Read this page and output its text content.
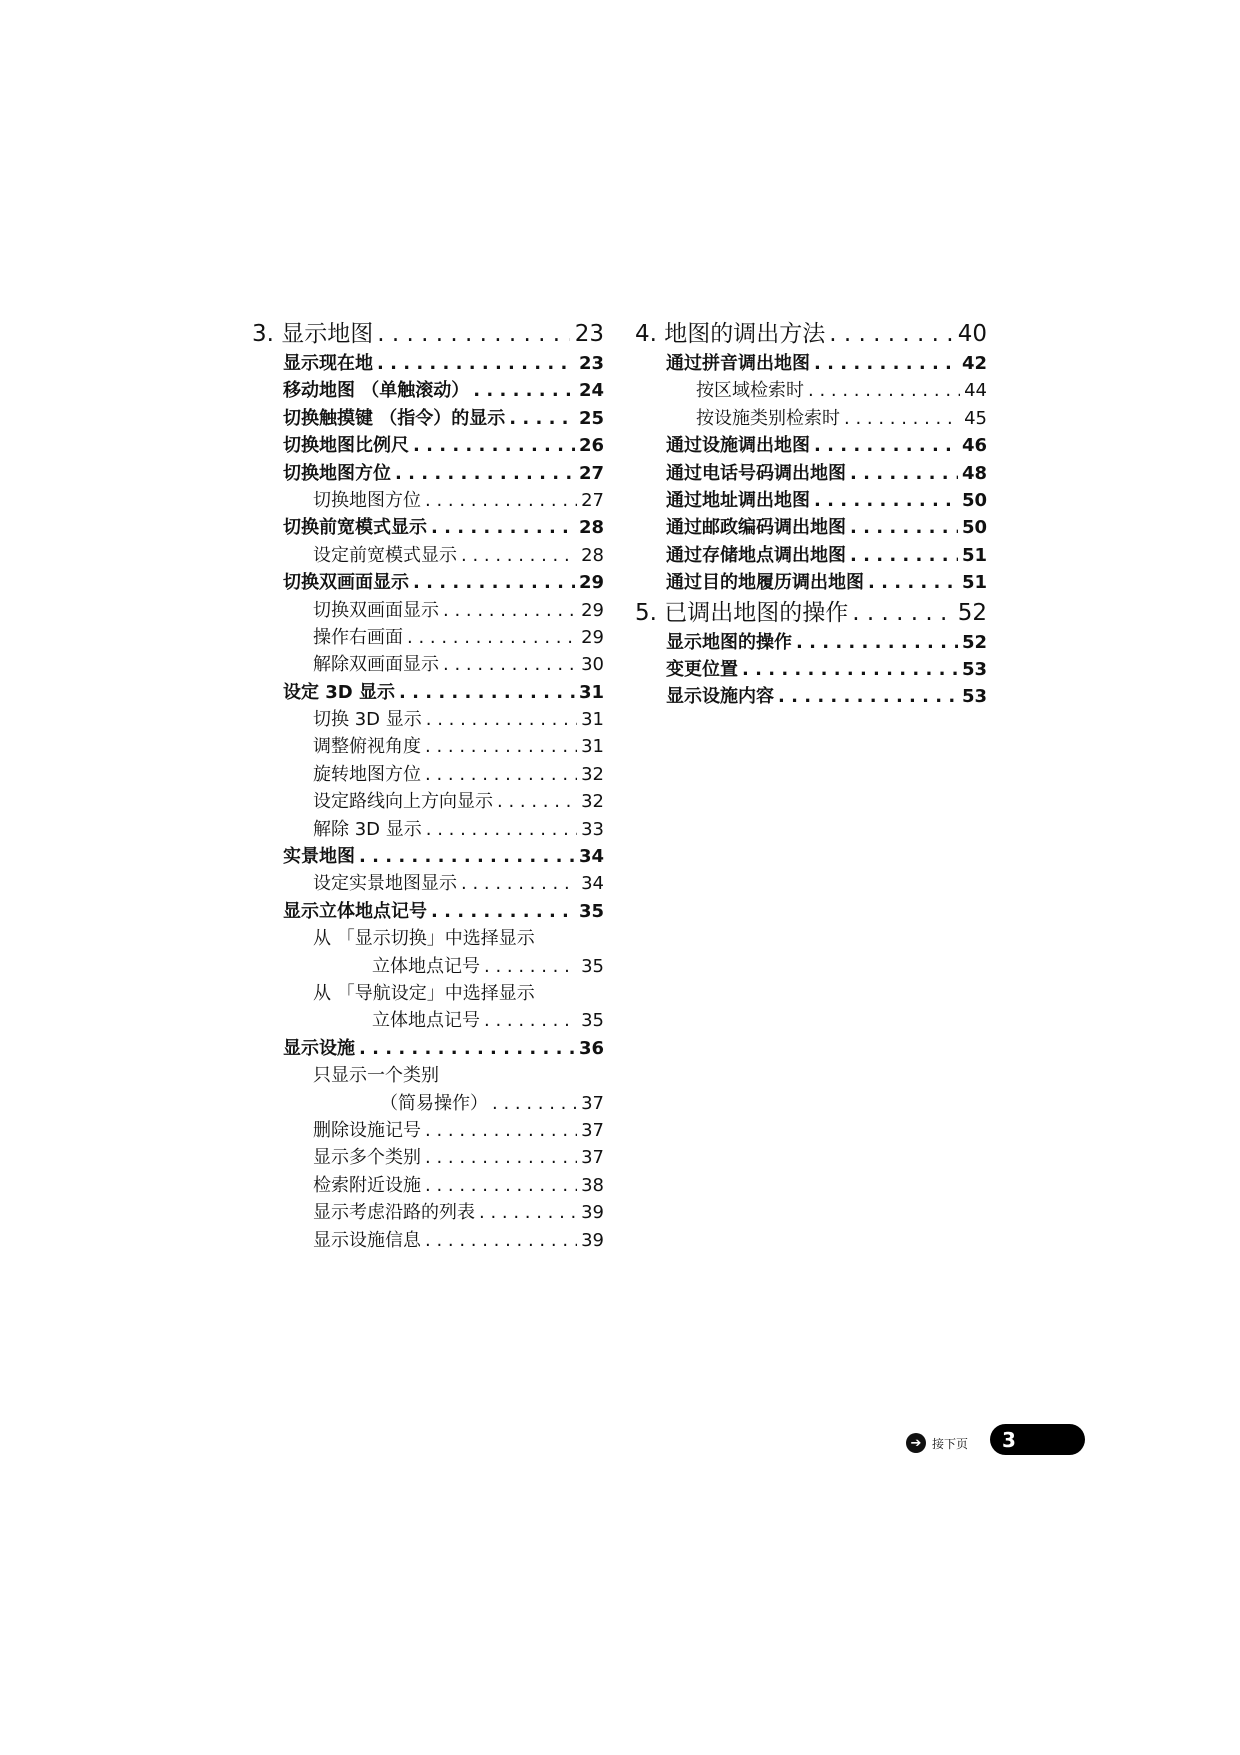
3. 显示地图 . . .	23
显示现在地 . . .	23
移动地图 （单触滚动） . . .	24
切换触摸键 （指令）的显示 . . .	25
切换地图比例尺 . . .	26
切换地图方位 . . .	27
切换地图方位 . . .	27
切换前宽模式显示 . . .	28
设定前宽模式显示 . . .	28
切换双画面显示 . . .	29
切换双画面显示 . . .	29
操作右画面 . . .	29
解除双画面显示 . . .	30
设定 3D 显示 . . .	31
切换 3D 显示 . . .	31
调整俯视角度 . . .	31
旋转地图方位 . . .	32
设定路线向上方向显示 . . .	32
解除 3D 显示 . . .	33
实景地图 . . .	34
设定实景地图显示 . . .	34
显示立体地点记号 . . .	35
从 「显示切换」中选择显示
立体地点记号 . . .	35
从 「导航设定」中选择显示
立体地点记号 . . .	35
显示设施 . . .	36
只显示一个类别
（简易操作） . . .	37
删除设施记号 . . .	37
显示多个类别 . . .	37
检索附近设施 . . .	38
显示考虑沿路的列表 . . .	39
显示设施信息 . . .	39
4. 地图的调出方法 . . .	40
通过拼音调出地图 . . .	42
按区域检索时 . . .	44
按设施类别检索时 . . .	45
通过设施调出地图 . . .	46
通过电话号码调出地图 . . .	48
通过地址调出地图 . . .	50
通过邮政编码调出地图 . . .	50
通过存储地点调出地图 . . .	51
通过目的地履历调出地图 . . .	51
5. 已调出地图的操作 . . .	52
显示地图的操作 . . .	52
变更位置 . . .	53
显示设施内容 . . .	53
➔ 接下页 3
